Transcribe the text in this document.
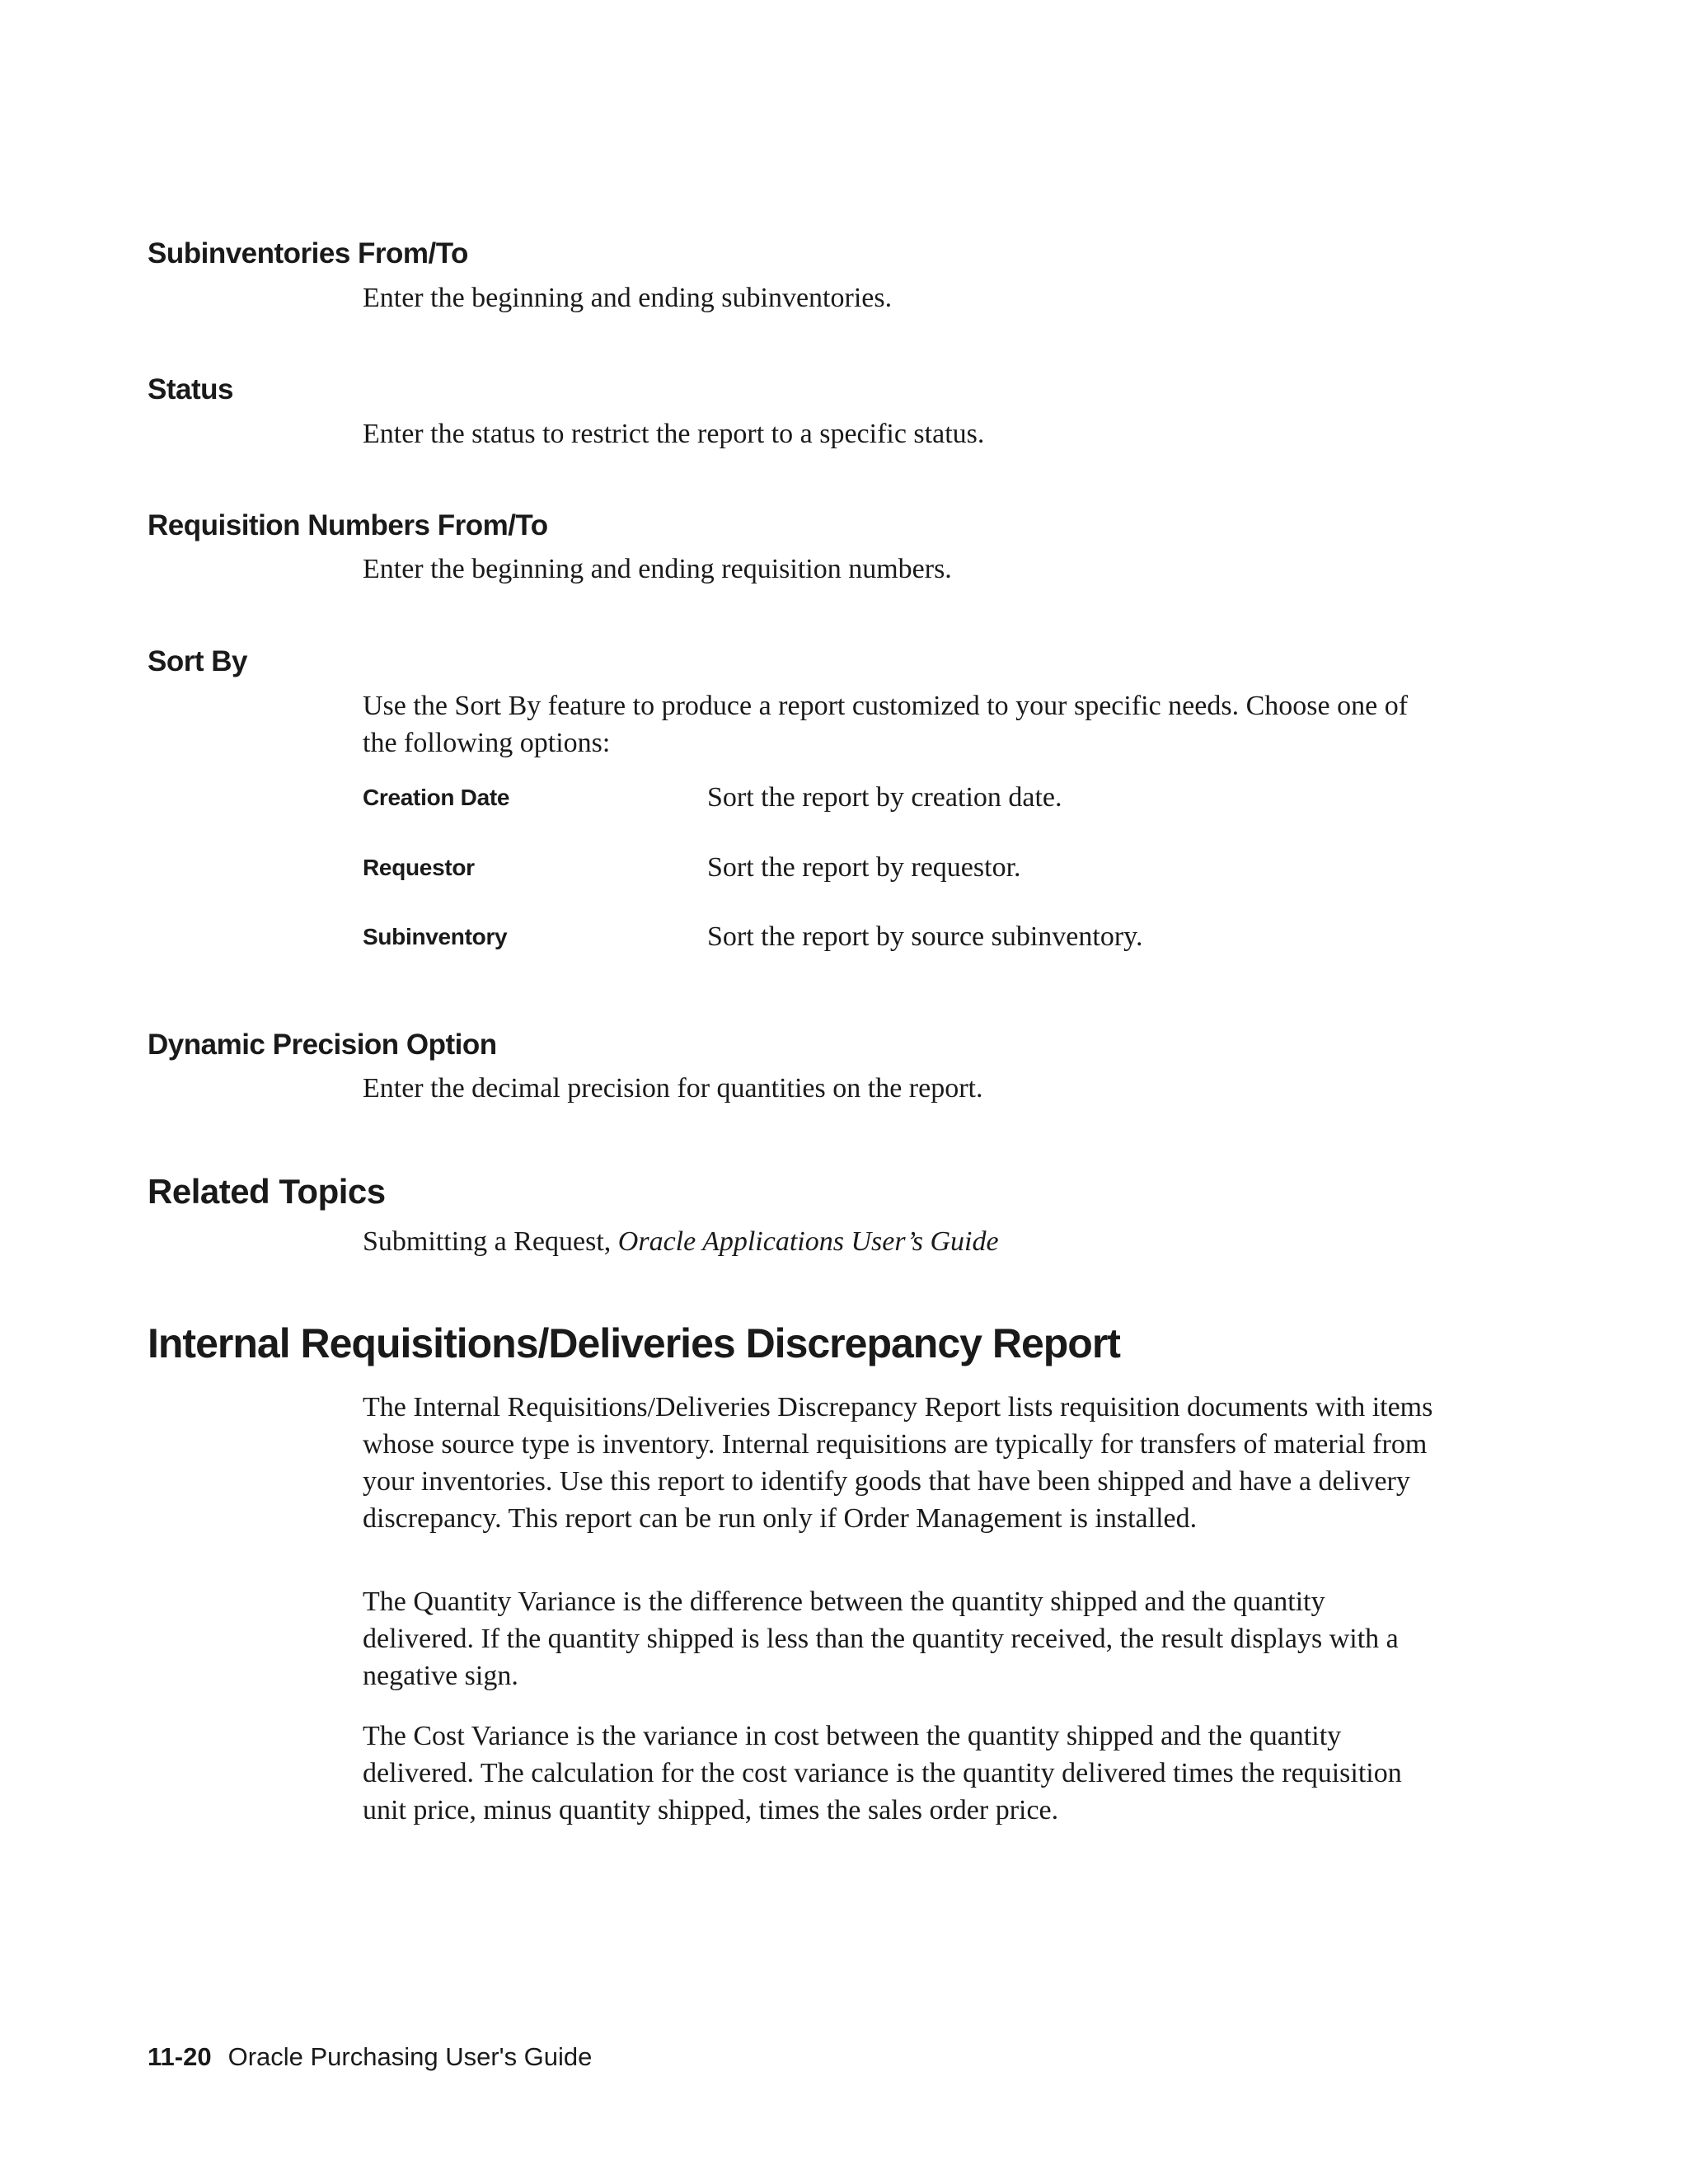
Subinventories From/To

Enter the beginning and ending subinventories.

Status

Enter the status to restrict the report to a specific status.

Requisition Numbers From/To

Enter the beginning and ending requisition numbers.

Sort By

Use the Sort By feature to produce a report customized to your specific needs. Choose one of the following options:

Creation Date	Sort the report by creation date.
Requestor	Sort the report by requestor.
Subinventory	Sort the report by source subinventory.
Dynamic Precision Option

Enter the decimal precision for quantities on the report.

Related Topics

Submitting a Request, Oracle Applications User’s Guide

Internal Requisitions/Deliveries Discrepancy Report

The Internal Requisitions/Deliveries Discrepancy Report lists requisition documents with items whose source type is inventory. Internal requisitions are typically for transfers of material from your inventories. Use this report to identify goods that have been shipped and have a delivery discrepancy. This report can be run only if Order Management is installed.

The Quantity Variance is the difference between the quantity shipped and the quantity delivered. If the quantity shipped is less than the quantity received, the result displays with a negative sign.

The Cost Variance is the variance in cost between the quantity shipped and the quantity delivered. The calculation for the cost variance is the quantity delivered times the requisition unit price, minus quantity shipped, times the sales order price.

11-20 Oracle Purchasing User's Guide
